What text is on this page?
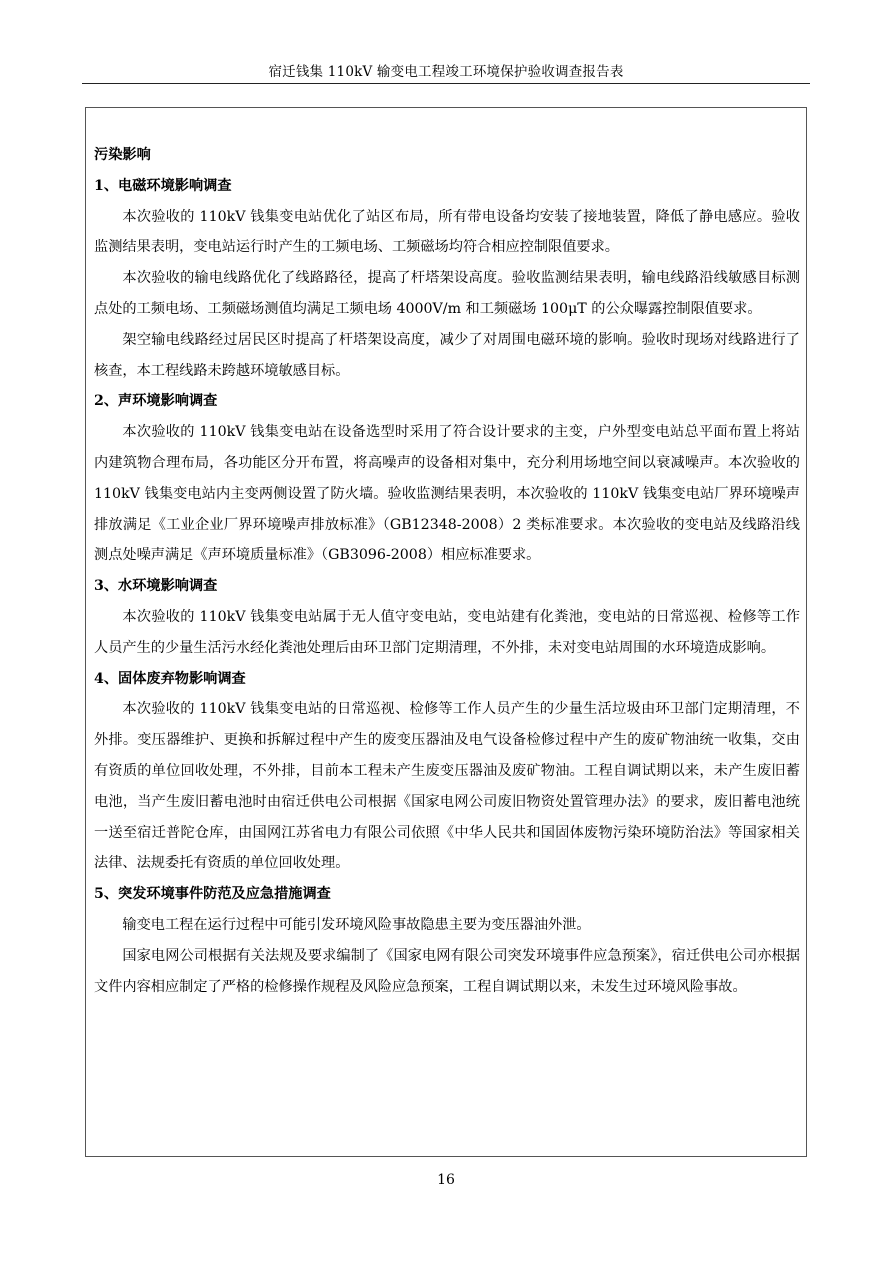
宿迁钱集 110kV 输变电工程竣工环境保护验收调查报告表

污染影响

1、电磁环境影响调查

本次验收的 110kV 钱集变电站优化了站区布局，所有带电设备均安装了接地装置，降低了静电感应。验收监测结果表明，变电站运行时产生的工频电场、工频磁场均符合相应控制限值要求。

本次验收的输电线路优化了线路路径，提高了杆塔架设高度。验收监测结果表明，输电线路沿线敏感目标测点处的工频电场、工频磁场测值均满足工频电场 4000V/m 和工频磁场 100μT 的公众曝露控制限值要求。

架空输电线路经过居民区时提高了杆塔架设高度，减少了对周围电磁环境的影响。验收时现场对线路进行了核查，本工程线路未跨越环境敏感目标。

2、声环境影响调查

本次验收的 110kV 钱集变电站在设备选型时采用了符合设计要求的主变，户外型变电站总平面布置上将站内建筑物合理布局，各功能区分开布置，将高噪声的设备相对集中，充分利用场地空间以衰减噪声。本次验收的 110kV 钱集变电站内主变两侧设置了防火墙。验收监测结果表明，本次验收的 110kV 钱集变电站厂界环境噪声排放满足《工业企业厂界环境噪声排放标准》（GB12348-2008）2 类标准要求。本次验收的变电站及线路沿线测点处噪声满足《声环境质量标准》（GB3096-2008）相应标准要求。

3、水环境影响调查

本次验收的 110kV 钱集变电站属于无人值守变电站，变电站建有化粪池，变电站的日常巡视、检修等工作人员产生的少量生活污水经化粪池处理后由环卫部门定期清理，不外排，未对变电站周围的水环境造成影响。

4、固体废弃物影响调查

本次验收的 110kV 钱集变电站的日常巡视、检修等工作人员产生的少量生活垃圾由环卫部门定期清理，不外排。变压器维护、更换和拆解过程中产生的废变压器油及电气设备检修过程中产生的废矿物油统一收集，交由有资质的单位回收处理，不外排，目前本工程未产生废变压器油及废矿物油。工程自调试期以来，未产生废旧蓄电池，当产生废旧蓄电池时由宿迁供电公司根据《国家电网公司废旧物资处置管理办法》的要求，废旧蓄电池统一送至宿迁普陀仓库，由国网江苏省电力有限公司依照《中华人民共和国固体废物污染环境防治法》等国家相关法律、法规委托有资质的单位回收处理。

5、突发环境事件防范及应急措施调查

输变电工程在运行过程中可能引发环境风险事故隐患主要为变压器油外泄。

国家电网公司根据有关法规及要求编制了《国家电网有限公司突发环境事件应急预案》，宿迁供电公司亦根据文件内容相应制定了严格的检修操作规程及风险应急预案，工程自调试期以来，未发生过环境风险事故。

16
